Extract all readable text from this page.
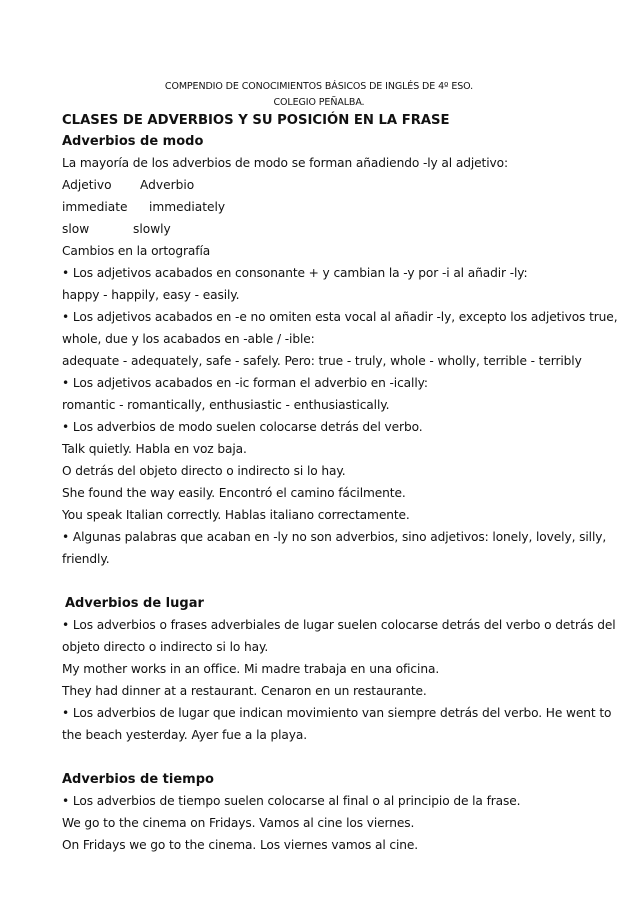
COMPENDIO DE CONOCIMIENTOS BÁSICOS DE INGLÉS DE 4º ESO.
COLEGIO PEÑALBA.
CLASES DE ADVERBIOS Y SU POSICIÓN EN LA FRASE
Adverbios de modo
La mayoría de los adverbios de modo se forman añadiendo -ly al adjetivo:
Adjetivo Adverbio
immediate immediately
slow	slowly
Cambios en la ortografía
• Los adjetivos acabados en consonante + y cambian la -y por -i al añadir -ly:
happy - happily, easy - easily.
• Los adjetivos acabados en -e no omiten esta vocal al añadir -ly, excepto los adjetivos true,
whole, due y los acabados en -able / -ible:
adequate - adequately, safe - safely. Pero: true - truly, whole - wholly, terrible - terribly
• Los adjetivos acabados en -ic forman el adverbio en -ically:
romantic - romantically, enthusiastic - enthusiastically.
• Los adverbios de modo suelen colocarse detrás del verbo.
Talk quietly. Habla en voz baja.
O detrás del objeto directo o indirecto si lo hay.
She found the way easily. Encontró el camino fácilmente.
You speak Italian correctly. Hablas italiano correctamente.
• Algunas palabras que acaban en -ly no son adverbios, sino adjetivos: lonely, lovely, silly,
friendly.
Adverbios de lugar
• Los adverbios o frases adverbiales de lugar suelen colocarse detrás del verbo o detrás del
objeto directo o indirecto si lo hay.
My mother works in an office. Mi madre trabaja en una oficina.
They had dinner at a restaurant. Cenaron en un restaurante.
• Los adverbios de lugar que indican movimiento van siempre detrás del verbo. He went to
the beach yesterday. Ayer fue a la playa.
Adverbios de tiempo
• Los adverbios de tiempo suelen colocarse al final o al principio de la frase.
We go to the cinema on Fridays. Vamos al cine los viernes.
On Fridays we go to the cinema. Los viernes vamos al cine.
